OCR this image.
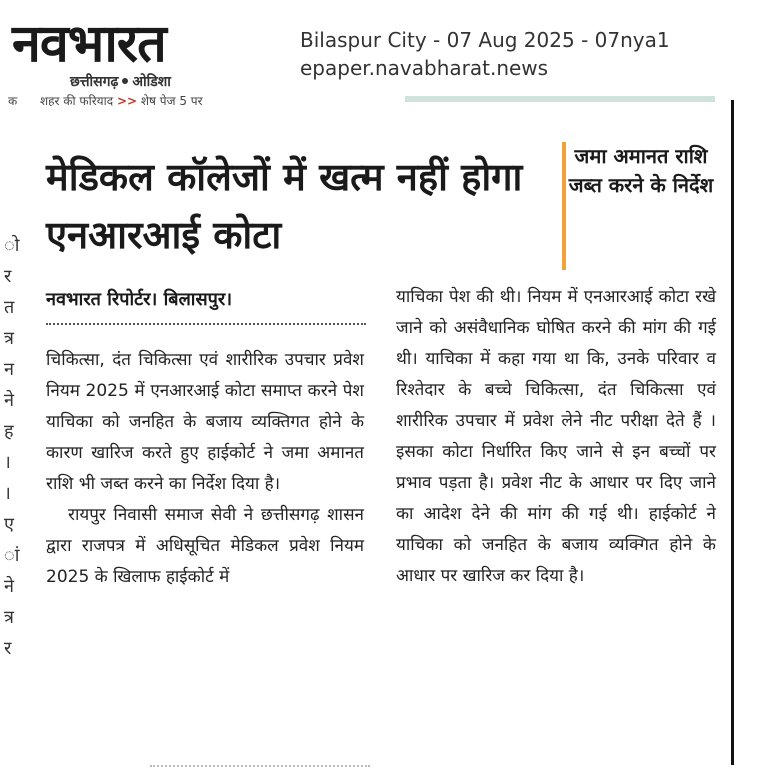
नवभारत
छत्तीसगढ़ ओडिशा
Bilaspur City - 07 Aug 2025 - 07nya1
epaper.navabharat.news
क शहर की फरियाद >> शेष पेज 5 पर
ो
र
त
त्र
न
ने
ह
।
।
ए
ां
ने
त्र
र
मेडिकल कॉलेजों में खत्म नहीं होगा एनआरआई कोटा
जमा अमानत राशि जब्त करने के निर्देश
नवभारत रिपोर्टर। बिलासपुर।

चिकित्सा, दंत चिकित्सा एवं शारीरिक उपचार प्रवेश नियम 2025 में एनआरआई कोटा समाप्त करने पेश याचिका को जनहित के बजाय व्यक्तिगत होने के कारण खारिज करते हुए हाईकोर्ट ने जमा अमानत राशि भी जब्त करने का निर्देश दिया है।

रायपुर निवासी समाज सेवी ने छत्तीसगढ़ शासन द्वारा राजपत्र में अधिसूचित मेडिकल प्रवेश नियम 2025 के खिलाफ हाईकोर्ट में

याचिका पेश की थी। नियम में एनआरआई कोटा रखे जाने को असंवैधानिक घोषित करने की मांग की गई थी। याचिका में कहा गया था कि, उनके परिवार व रिश्तेदार के बच्चे चिकित्सा, दंत चिकित्सा एवं शारीरिक उपचार में प्रवेश लेने नीट परीक्षा देते हैं । इसका कोटा निर्धारित किए जाने से इन बच्चों पर प्रभाव पड़ता है। प्रवेश नीट के आधार पर दिए जाने का आदेश देने की मांग की गई थी। हाईकोर्ट ने याचिका को जनहित के बजाय व्यक्गित होने के आधार पर खारिज कर दिया है।
